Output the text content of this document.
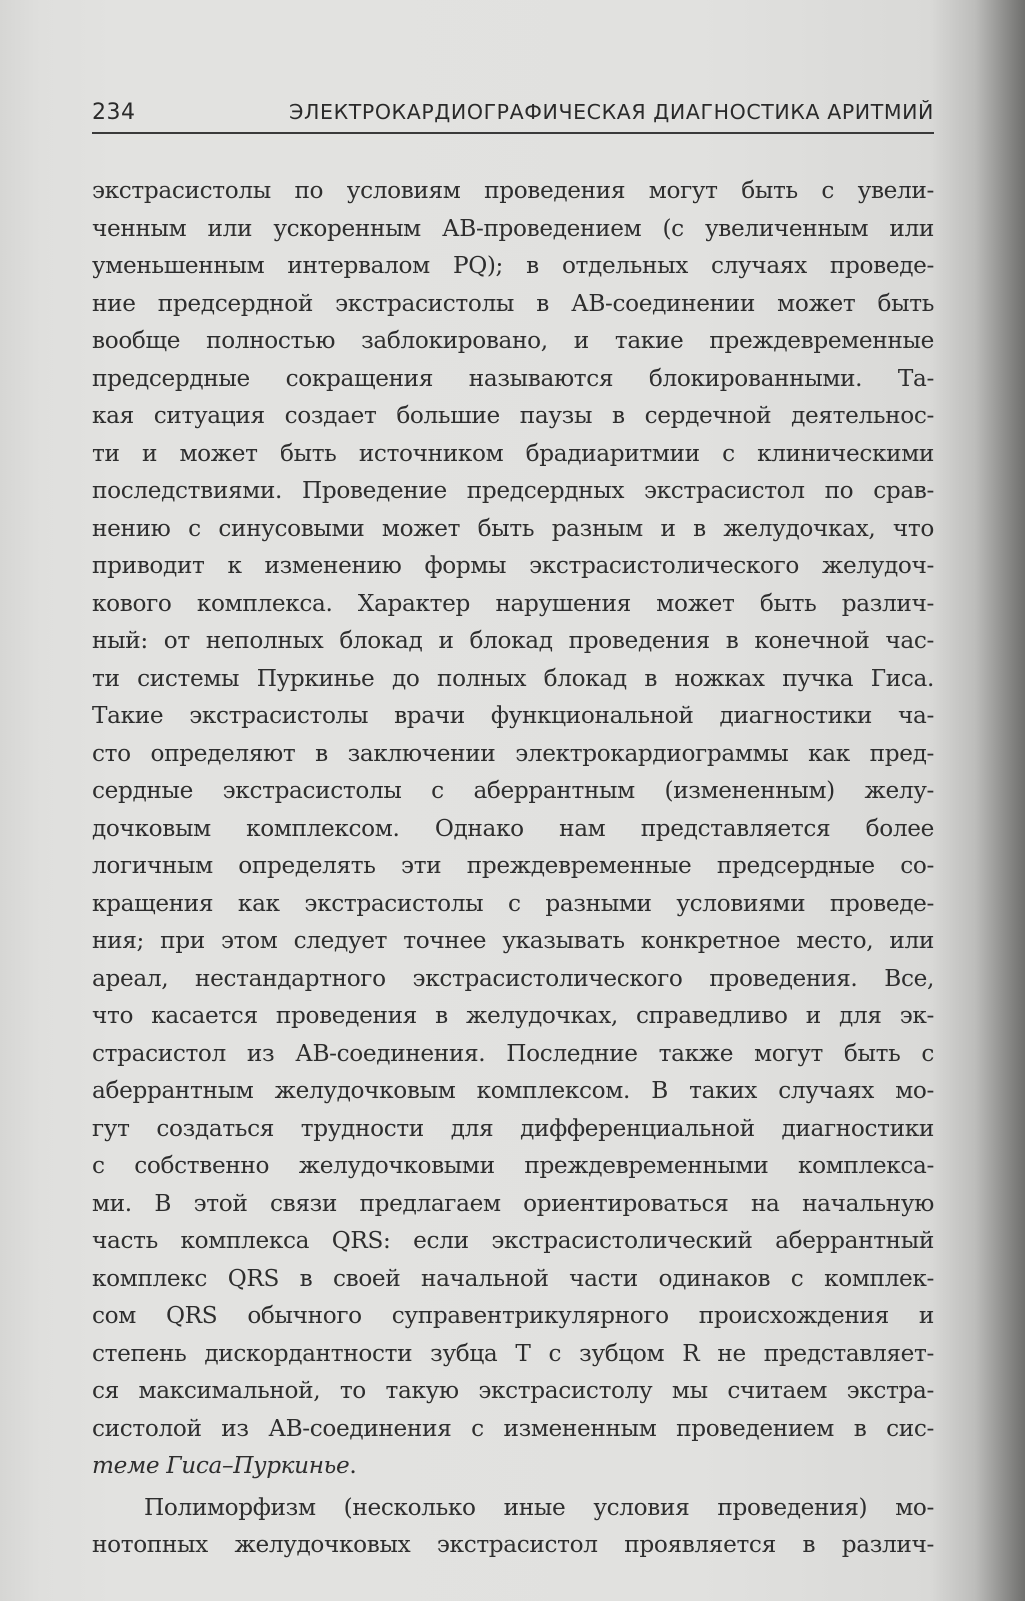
234	ЭЛЕКТРОКАРДИОГРАФИЧЕСКАЯ ДИАГНОСТИКА АРИТМИЙ
экстрасистолы по условиям проведения могут быть с увели-
ченным или ускоренным АВ-проведением (с увеличенным или
уменьшенным интервалом PQ); в отдельных случаях проведе-
ние предсердной экстрасистолы в АВ-соединении может быть
вообще полностью заблокировано, и такие преждевременные
предсердные сокращения называются блокированными. Та-
кая ситуация создает большие паузы в сердечной деятельнос-
ти и может быть источником брадиаритмии с клиническими
последствиями. Проведение предсердных экстрасистол по срав-
нению с синусовыми может быть разным и в желудочках, что
приводит к изменению формы экстрасистолического желудоч-
кового комплекса. Характер нарушения может быть различ-
ный: от неполных блокад и блокад проведения в конечной час-
ти системы Пуркинье до полных блокад в ножках пучка Гиса.
Такие экстрасистолы врачи функциональной диагностики ча-
сто определяют в заключении электрокардиограммы как пред-
сердные экстрасистолы с аберрантным (измененным) желу-
дочковым комплексом. Однако нам представляется более
логичным определять эти преждевременные предсердные со-
кращения как экстрасистолы с разными условиями проведе-
ния; при этом следует точнее указывать конкретное место, или
ареал, нестандартного экстрасистолического проведения. Все,
что касается проведения в желудочках, справедливо и для эк-
страсистол из АВ-соединения. Последние также могут быть с
аберрантным желудочковым комплексом. В таких случаях мо-
гут создаться трудности для дифференциальной диагностики
с собственно желудочковыми преждевременными комплекса-
ми. В этой связи предлагаем ориентироваться на начальную
часть комплекса QRS: если экстрасистолический аберрантный
комплекс QRS в своей начальной части одинаков с комплек-
сом QRS обычного суправентрикулярного происхождения и
степень дискордантности зубца T с зубцом R не представляет-
ся максимальной, то такую экстрасистолу мы считаем экстра-
систолой из АВ-соединения с измененным проведением в сис-
теме Гиса–Пуркинье.
Полиморфизм (несколько иные условия проведения) мо-
нотопных желудочковых экстрасистол проявляется в различ-
